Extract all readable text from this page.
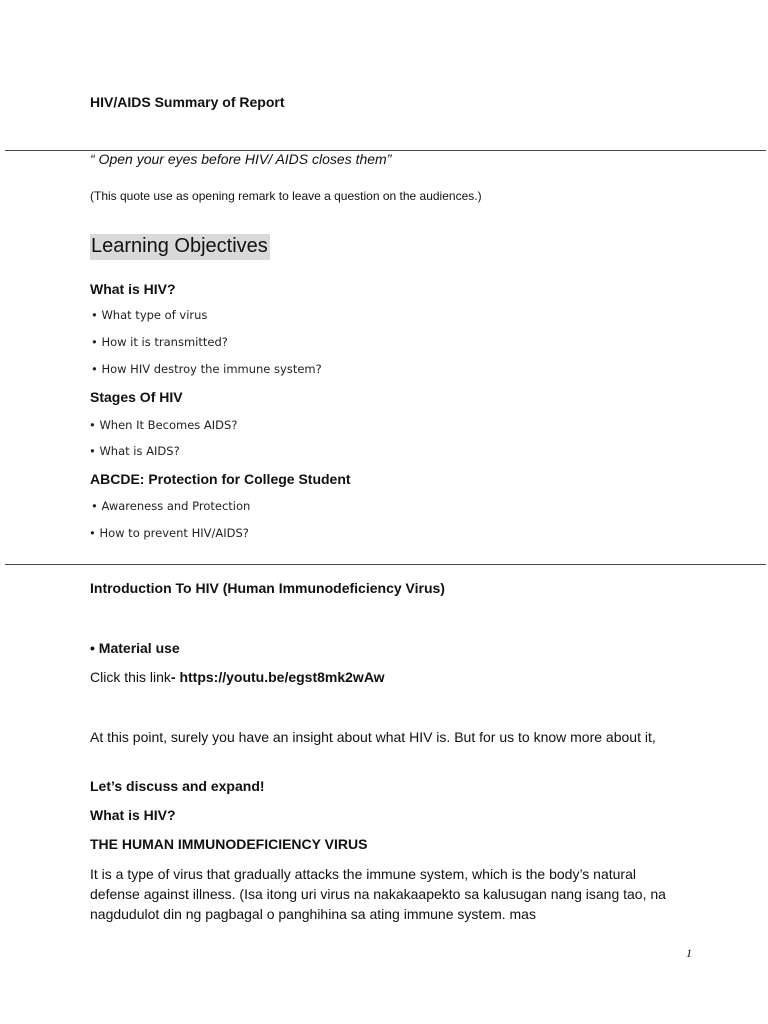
HIV/AIDS Summary of Report
“ Open your eyes before HIV/ AIDS closes them”
(This quote use as opening remark to leave a question on the audiences.)
Learning Objectives
What is HIV?
• What type of virus
• How it is transmitted?
• How HIV destroy the immune system?
Stages Of HIV
• When It Becomes AIDS?
• What is AIDS?
ABCDE: Protection for College Student
• Awareness and Protection
• How to prevent HIV/AIDS?
Introduction To HIV (Human Immunodeficiency Virus)
• Material use
Click this link- https://youtu.be/egst8mk2wAw
At this point, surely you have an insight about what HIV is. But for us to know more about it,
Let’s discuss and expand!
What is HIV?
THE HUMAN IMMUNODEFICIENCY VIRUS
It is a type of virus that gradually attacks the immune system, which is the body’s natural defense against illness. (Isa itong uri virus na nakakaapekto sa kalusugan nang isang tao, na nagdudulot din ng pagbagal o panghihina sa ating immune system. mas
1
